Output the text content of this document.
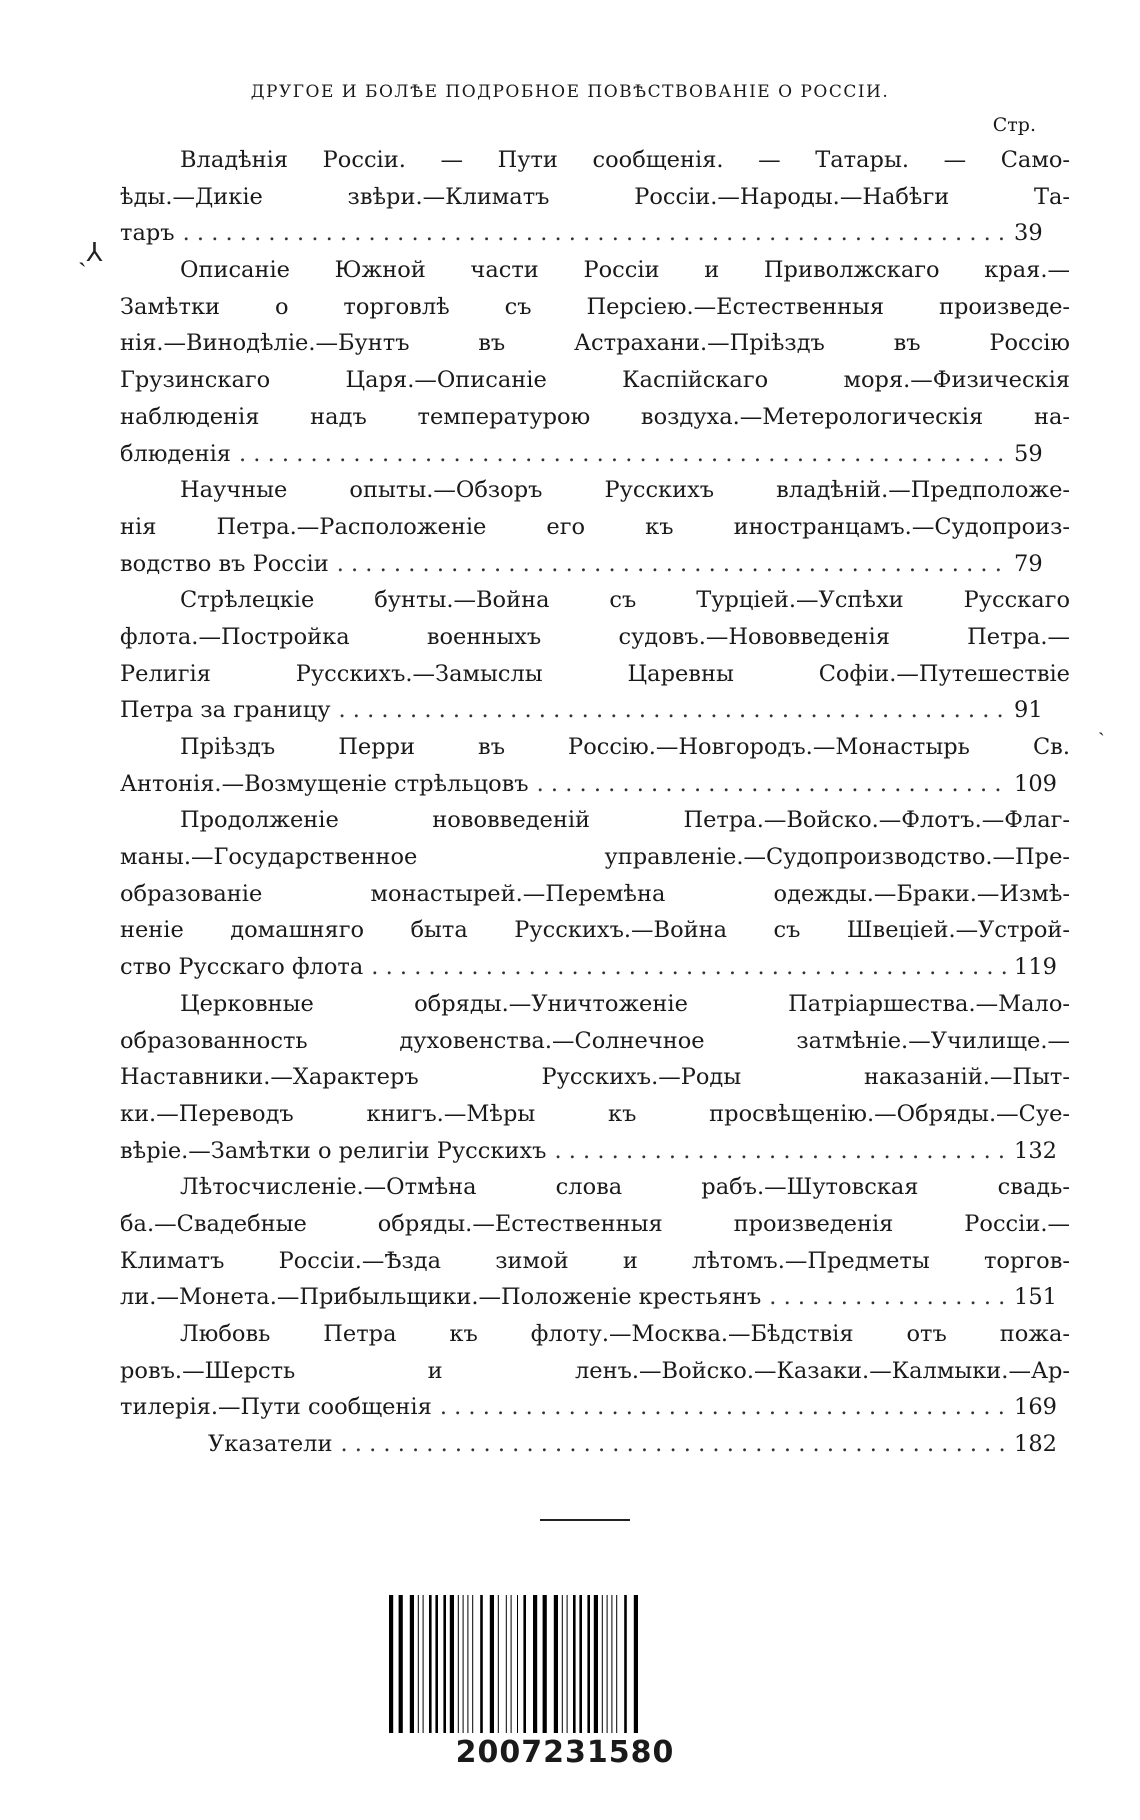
ДРУГОЕ И БОЛѢЕ ПОДРОБНОЕ ПОВѢСТВОВАНІЕ О РОССІИ.
Стр.
Владѣнія Россіи. — Пути сообщенія. — Татары. — Само-
ѣды.—Дикіе звѣри.—Климатъ Россіи.—Народы.—Набѣги Та-
таръ . . .	39
Описаніе Южной части Россіи и Приволжскаго края.—
Замѣтки о торговлѣ съ Персіею.—Естественныя произведе-
нія.—Винодѣліе.—Бунтъ въ Астрахани.—Пріѣздъ въ Россію
Грузинскаго Царя.—Описаніе Каспійскаго моря.—Физическія
наблюденія надъ температурою воздуха.—Метерологическія на-
блюденія . . .	59
Научные опыты.—Обзоръ Русскихъ владѣній.—Предположе-
нія Петра.—Расположеніе его къ иностранцамъ.—Судопроиз-
водство въ Россіи . . .	79
Стрѣлецкіе бунты.—Война съ Турціей.—Успѣхи Русскаго
флота.—Постройка военныхъ судовъ.—Нововведенія Петра.—
Религія Русскихъ.—Замыслы Царевны Софіи.—Путешествіе
Петра за границу . . .	91
Пріѣздъ Перри въ Россію.—Новгородъ.—Монастырь Св.
Антонія.—Возмущеніе стрѣльцовъ . . .	109
Продолженіе нововведеній Петра.—Войско.—Флотъ.—Флаг-
маны.—Государственное управленіе.—Судопроизводство.—Пре-
образованіе монастырей.—Перемѣна одежды.—Браки.—Измѣ-
неніе домашняго быта Русскихъ.—Война съ Швеціей.—Устрой-
ство Русскаго флота . . .	119
Церковные обряды.—Уничтоженіе Патріаршества.—Мало-
образованность духовенства.—Солнечное затмѣніе.—Училище.—
Наставники.—Характеръ Русскихъ.—Роды наказаній.—Пыт-
ки.—Переводъ книгъ.—Мѣры къ просвѣщенію.—Обряды.—Суе-
вѣріе.—Замѣтки о религіи Русскихъ . . .	132
Лѣтосчисленіе.—Отмѣна слова рабъ.—Шутовская свадь-
ба.—Свадебные обряды.—Естественныя произведенія Россіи.—
Климатъ Россіи.—Ѣзда зимой и лѣтомъ.—Предметы торгов-
ли.—Монета.—Прибыльщики.—Положеніе крестьянъ . . .	151
Любовь Петра къ флоту.—Москва.—Бѣдствія отъ пожа-
ровъ.—Шерсть и ленъ.—Войско.—Казаки.—Калмыки.—Ар-
тилерія.—Пути сообщенія . . .	169
Указатели . . .	182
ˎ⅄
ˏ
2007231580
